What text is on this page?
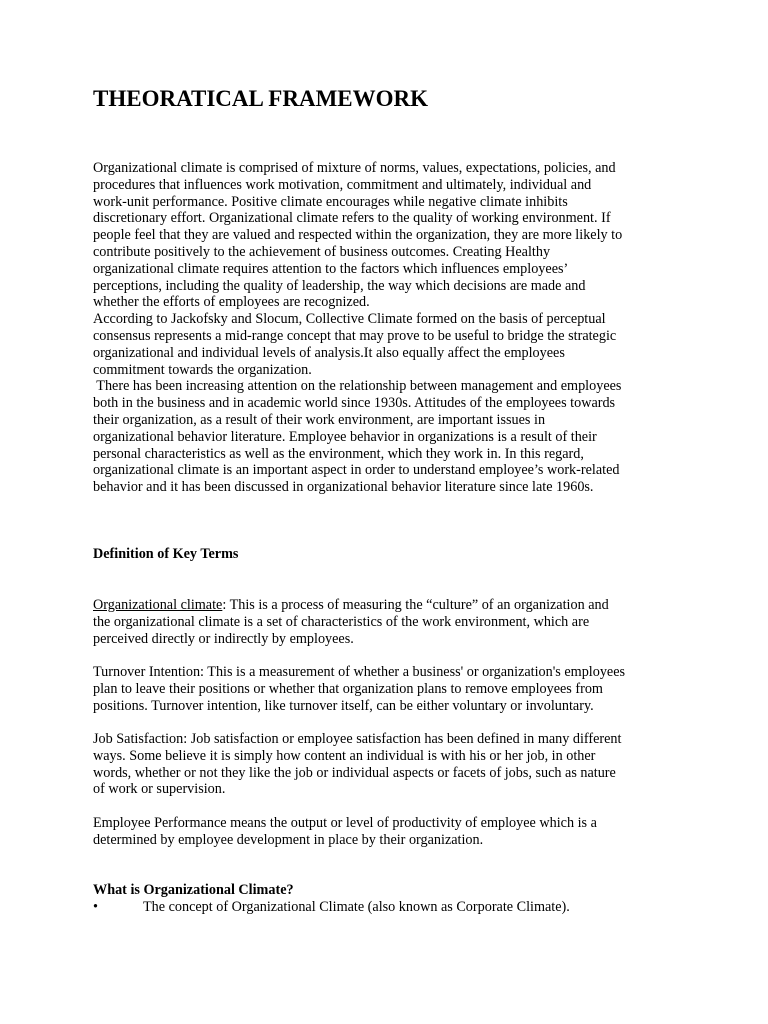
THEORATICAL FRAMEWORK
Organizational climate is comprised of mixture of norms, values, expectations, policies, and
procedures that influences work motivation, commitment and ultimately, individual and
work-unit performance. Positive climate encourages while negative climate inhibits
discretionary effort. Organizational climate refers to the quality of working environment. If
people feel that they are valued and respected within the organization, they are more likely to
contribute positively to the achievement of business outcomes. Creating Healthy
organizational climate requires attention to the factors which influences employees’
perceptions, including the quality of leadership, the way which decisions are made and
whether the efforts of employees are recognized.
According to Jackofsky and Slocum, Collective Climate formed on the basis of perceptual
consensus represents a mid-range concept that may prove to be useful to bridge the strategic
organizational and individual levels of analysis.It also equally affect the employees
commitment towards the organization.
There has been increasing attention on the relationship between management and employees
both in the business and in academic world since 1930s. Attitudes of the employees towards
their organization, as a result of their work environment, are important issues in
organizational behavior literature. Employee behavior in organizations is a result of their
personal characteristics as well as the environment, which they work in. In this regard,
organizational climate is an important aspect in order to understand employee’s work-related
behavior and it has been discussed in organizational behavior literature since late 1960s.
Definition of Key Terms
Organizational climate: This is a process of measuring the “culture” of an organization and
the organizational climate is a set of characteristics of the work environment, which are
perceived directly or indirectly by employees.
Turnover Intention: This is a measurement of whether a business' or organization's employees
plan to leave their positions or whether that organization plans to remove employees from
positions. Turnover intention, like turnover itself, can be either voluntary or involuntary.
Job Satisfaction: Job satisfaction or employee satisfaction has been defined in many different
ways. Some believe it is simply how content an individual is with his or her job, in other
words, whether or not they like the job or individual aspects or facets of jobs, such as nature
of work or supervision.
Employee Performance means the output or level of productivity of employee which is a
determined by employee development in place by their organization.
What is Organizational Climate?
•	The concept of Organizational Climate (also known as Corporate Climate).
